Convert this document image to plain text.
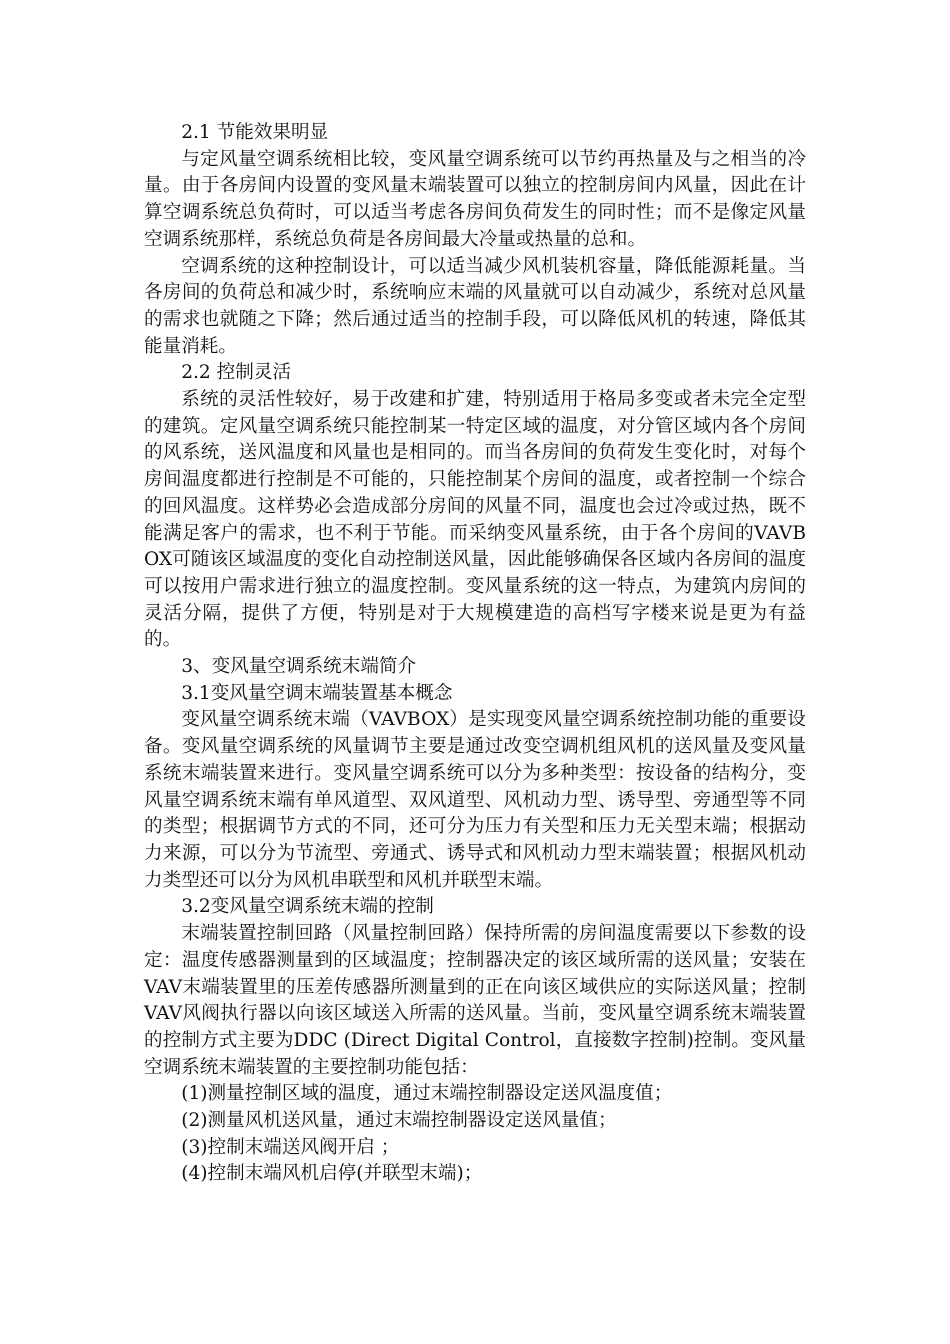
2.1 节能效果明显

与定风量空调系统相比较，变风量空调系统可以节约再热量及与之相当的冷量。由于各房间内设置的变风量末端装置可以独立的控制房间内风量，因此在计算空调系统总负荷时，可以适当考虑各房间负荷发生的同时性；而不是像定风量空调系统那样，系统总负荷是各房间最大冷量或热量的总和。

空调系统的这种控制设计，可以适当减少风机装机容量，降低能源耗量。当各房间的负荷总和减少时，系统响应末端的风量就可以自动减少，系统对总风量的需求也就随之下降；然后通过适当的控制手段，可以降低风机的转速，降低其能量消耗。

2.2 控制灵活

系统的灵活性较好，易于改建和扩建，特别适用于格局多变或者未完全定型的建筑。定风量空调系统只能控制某一特定区域的温度，对分管区域内各个房间的风系统，送风温度和风量也是相同的。而当各房间的负荷发生变化时，对每个房间温度都进行控制是不可能的，只能控制某个房间的温度，或者控制一个综合的回风温度。这样势必会造成部分房间的风量不同，温度也会过冷或过热，既不能满足客户的需求，也不利于节能。而采纳变风量系统，由于各个房间的VAVBOX可随该区域温度的变化自动控制送风量，因此能够确保各区域内各房间的温度可以按用户需求进行独立的温度控制。变风量系统的这一特点，为建筑内房间的灵活分隔，提供了方便，特别是对于大规模建造的高档写字楼来说是更为有益的。

3、变风量空调系统末端简介

3.1变风量空调末端装置基本概念

变风量空调系统末端（VAVBOX）是实现变风量空调系统控制功能的重要设备。变风量空调系统的风量调节主要是通过改变空调机组风机的送风量及变风量系统末端装置来进行。变风量空调系统可以分为多种类型：按设备的结构分，变风量空调系统末端有单风道型、双风道型、风机动力型、诱导型、旁通型等不同的类型；根据调节方式的不同，还可分为压力有关型和压力无关型末端；根据动力来源，可以分为节流型、旁通式、诱导式和风机动力型末端装置；根据风机动力类型还可以分为风机串联型和风机并联型末端。

3.2变风量空调系统末端的控制

末端装置控制回路（风量控制回路）保持所需的房间温度需要以下参数的设定：温度传感器测量到的区域温度；控制器决定的该区域所需的送风量；安装在 VAV末端装置里的压差传感器所测量到的正在向该区域供应的实际送风量；控制VAV风阀执行器以向该区域送入所需的送风量。当前，变风量空调系统末端装置的控制方式主要为DDC (Direct Digital Control，直接数字控制)控制。变风量空调系统末端装置的主要控制功能包括：

(1)测量控制区域的温度，通过末端控制器设定送风温度值；

(2)测量风机送风量，通过末端控制器设定送风量值；

(3)控制末端送风阀开启 ；

(4)控制末端风机启停(并联型末端)；
